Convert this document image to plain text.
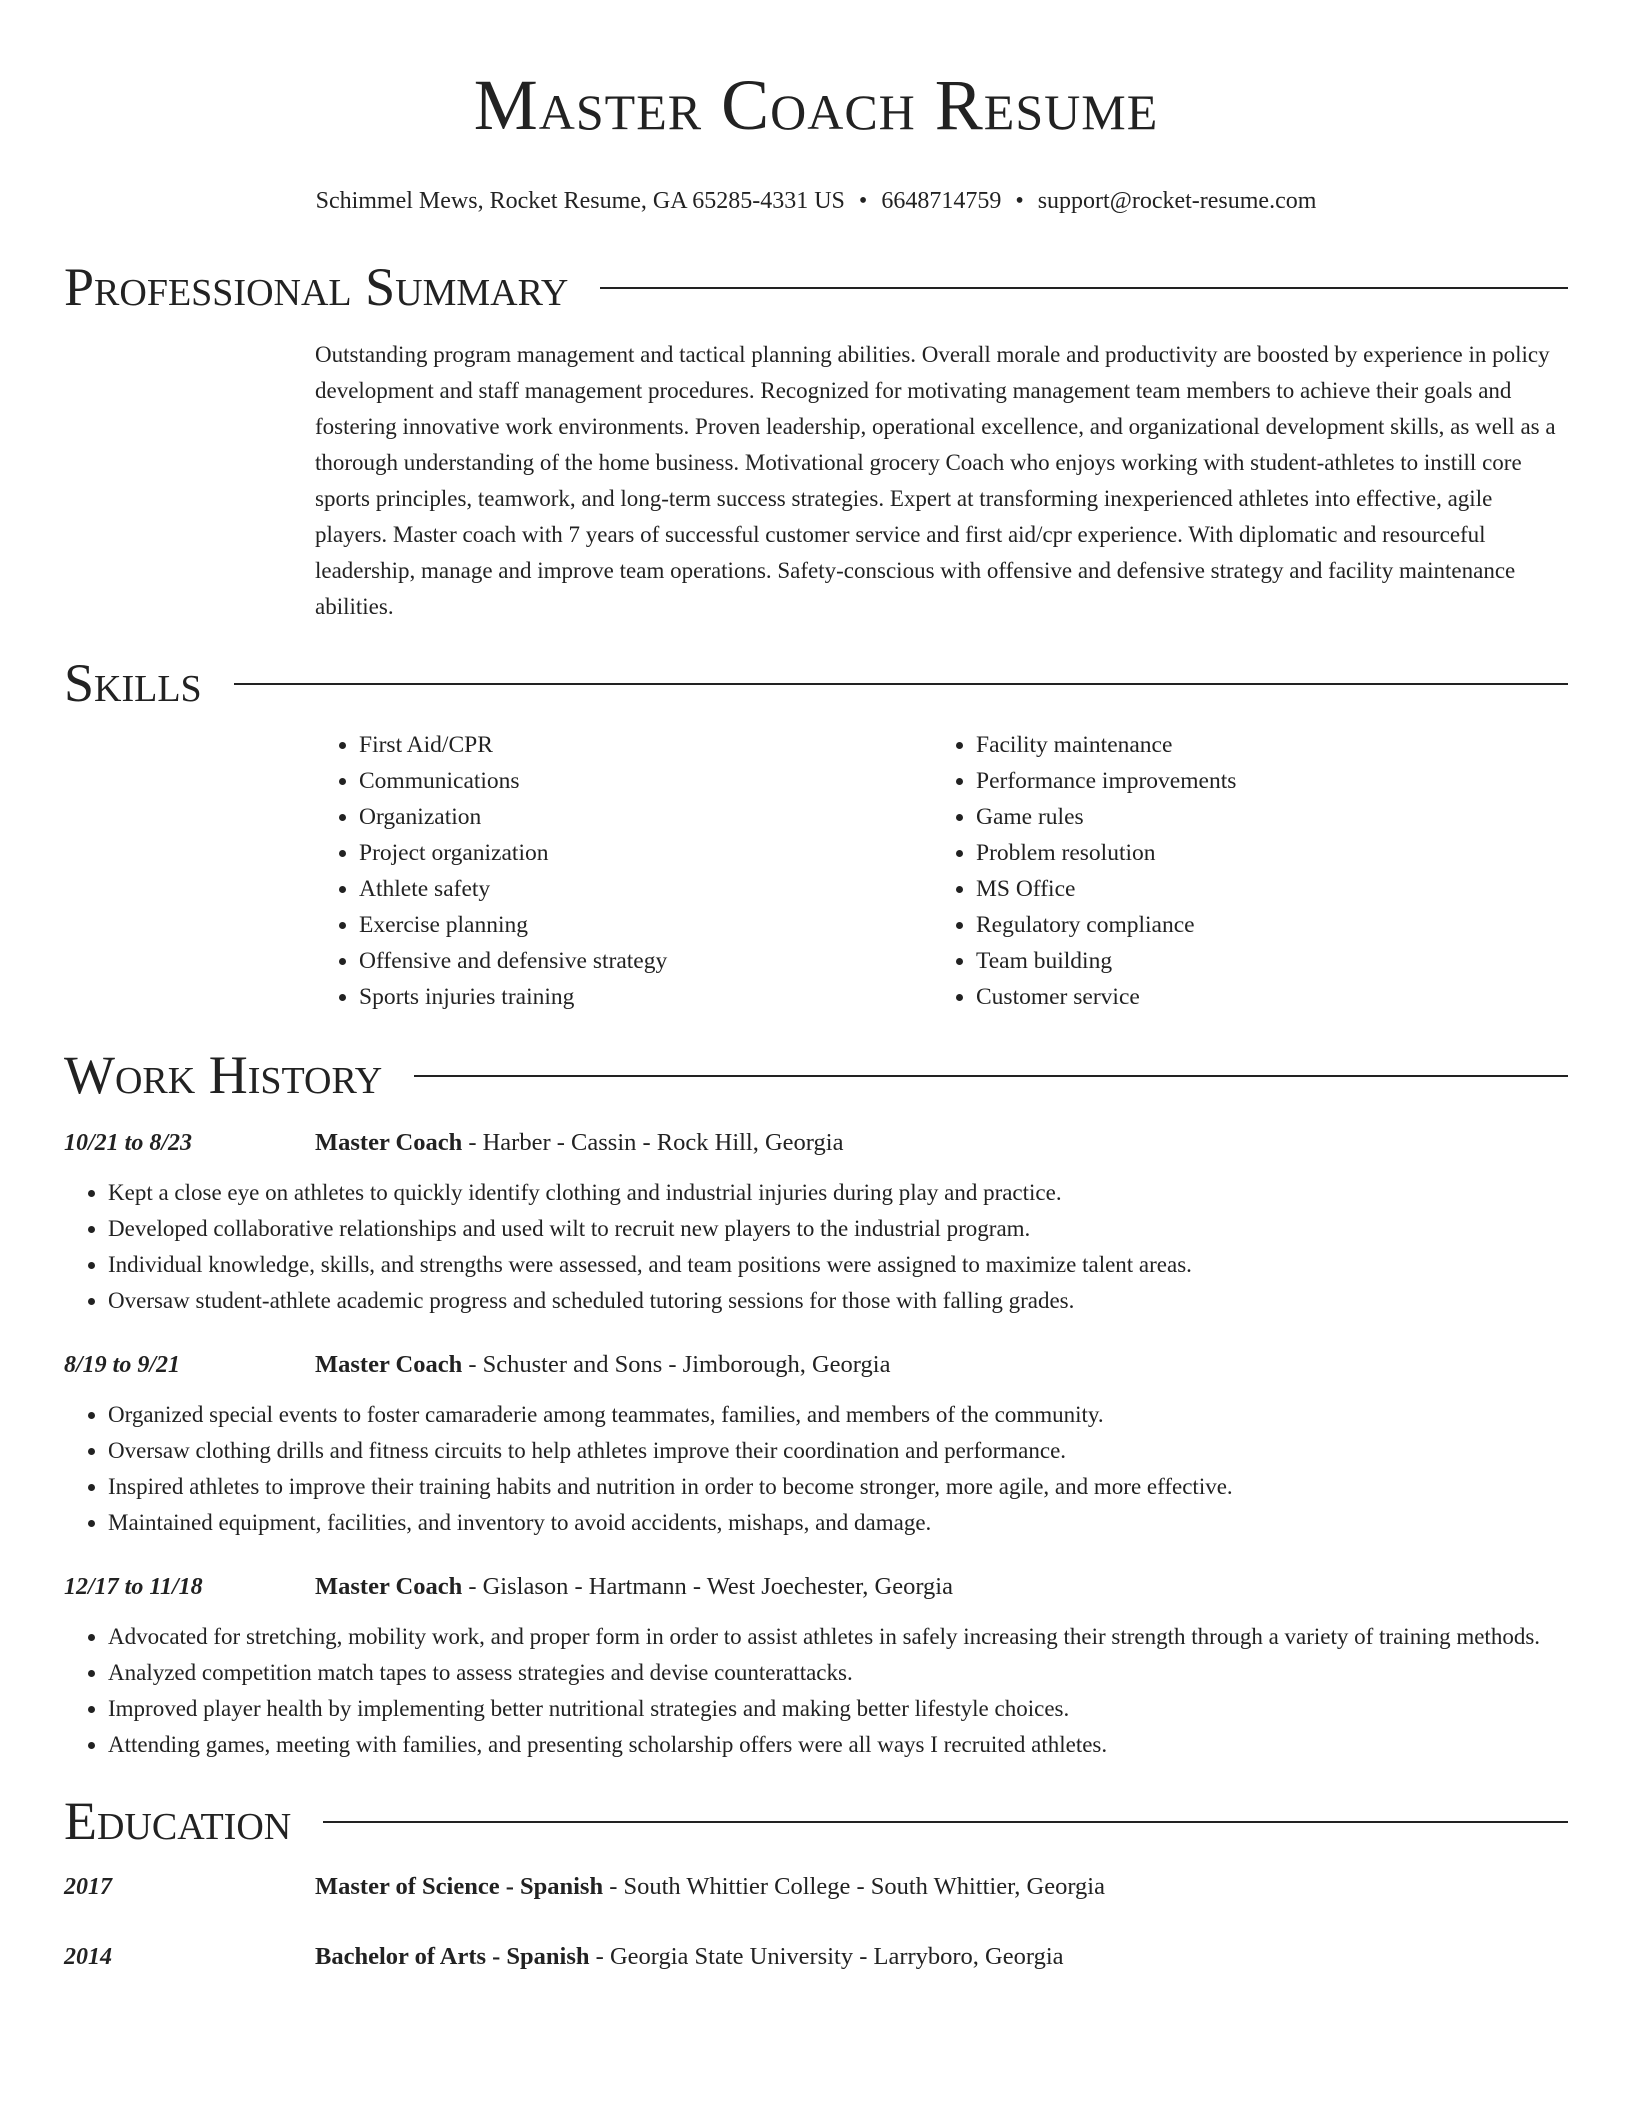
Master Coach Resume
Schimmel Mews, Rocket Resume, GA 65285-4331 US • 6648714759 • support@rocket-resume.com
Professional Summary
Outstanding program management and tactical planning abilities. Overall morale and productivity are boosted by experience in policy development and staff management procedures. Recognized for motivating management team members to achieve their goals and fostering innovative work environments. Proven leadership, operational excellence, and organizational development skills, as well as a thorough understanding of the home business. Motivational grocery Coach who enjoys working with student-athletes to instill core sports principles, teamwork, and long-term success strategies. Expert at transforming inexperienced athletes into effective, agile players. Master coach with 7 years of successful customer service and first aid/cpr experience. With diplomatic and resourceful leadership, manage and improve team operations. Safety-conscious with offensive and defensive strategy and facility maintenance abilities.
Skills
• First Aid/CPR
• Communications
• Organization
• Project organization
• Athlete safety
• Exercise planning
• Offensive and defensive strategy
• Sports injuries training
• Facility maintenance
• Performance improvements
• Game rules
• Problem resolution
• MS Office
• Regulatory compliance
• Team building
• Customer service
Work History
10/21 to 8/23	Master Coach - Harber - Cassin - Rock Hill, Georgia
• Kept a close eye on athletes to quickly identify clothing and industrial injuries during play and practice.
• Developed collaborative relationships and used wilt to recruit new players to the industrial program.
• Individual knowledge, skills, and strengths were assessed, and team positions were assigned to maximize talent areas.
• Oversaw student-athlete academic progress and scheduled tutoring sessions for those with falling grades.
8/19 to 9/21	Master Coach - Schuster and Sons - Jimborough, Georgia
• Organized special events to foster camaraderie among teammates, families, and members of the community.
• Oversaw clothing drills and fitness circuits to help athletes improve their coordination and performance.
• Inspired athletes to improve their training habits and nutrition in order to become stronger, more agile, and more effective.
• Maintained equipment, facilities, and inventory to avoid accidents, mishaps, and damage.
12/17 to 11/18	Master Coach - Gislason - Hartmann - West Joechester, Georgia
• Advocated for stretching, mobility work, and proper form in order to assist athletes in safely increasing their strength through a variety of training methods.
• Analyzed competition match tapes to assess strategies and devise counterattacks.
• Improved player health by implementing better nutritional strategies and making better lifestyle choices.
• Attending games, meeting with families, and presenting scholarship offers were all ways I recruited athletes.
Education
2017	Master of Science - Spanish - South Whittier College - South Whittier, Georgia
2014	Bachelor of Arts - Spanish - Georgia State University - Larryboro, Georgia
